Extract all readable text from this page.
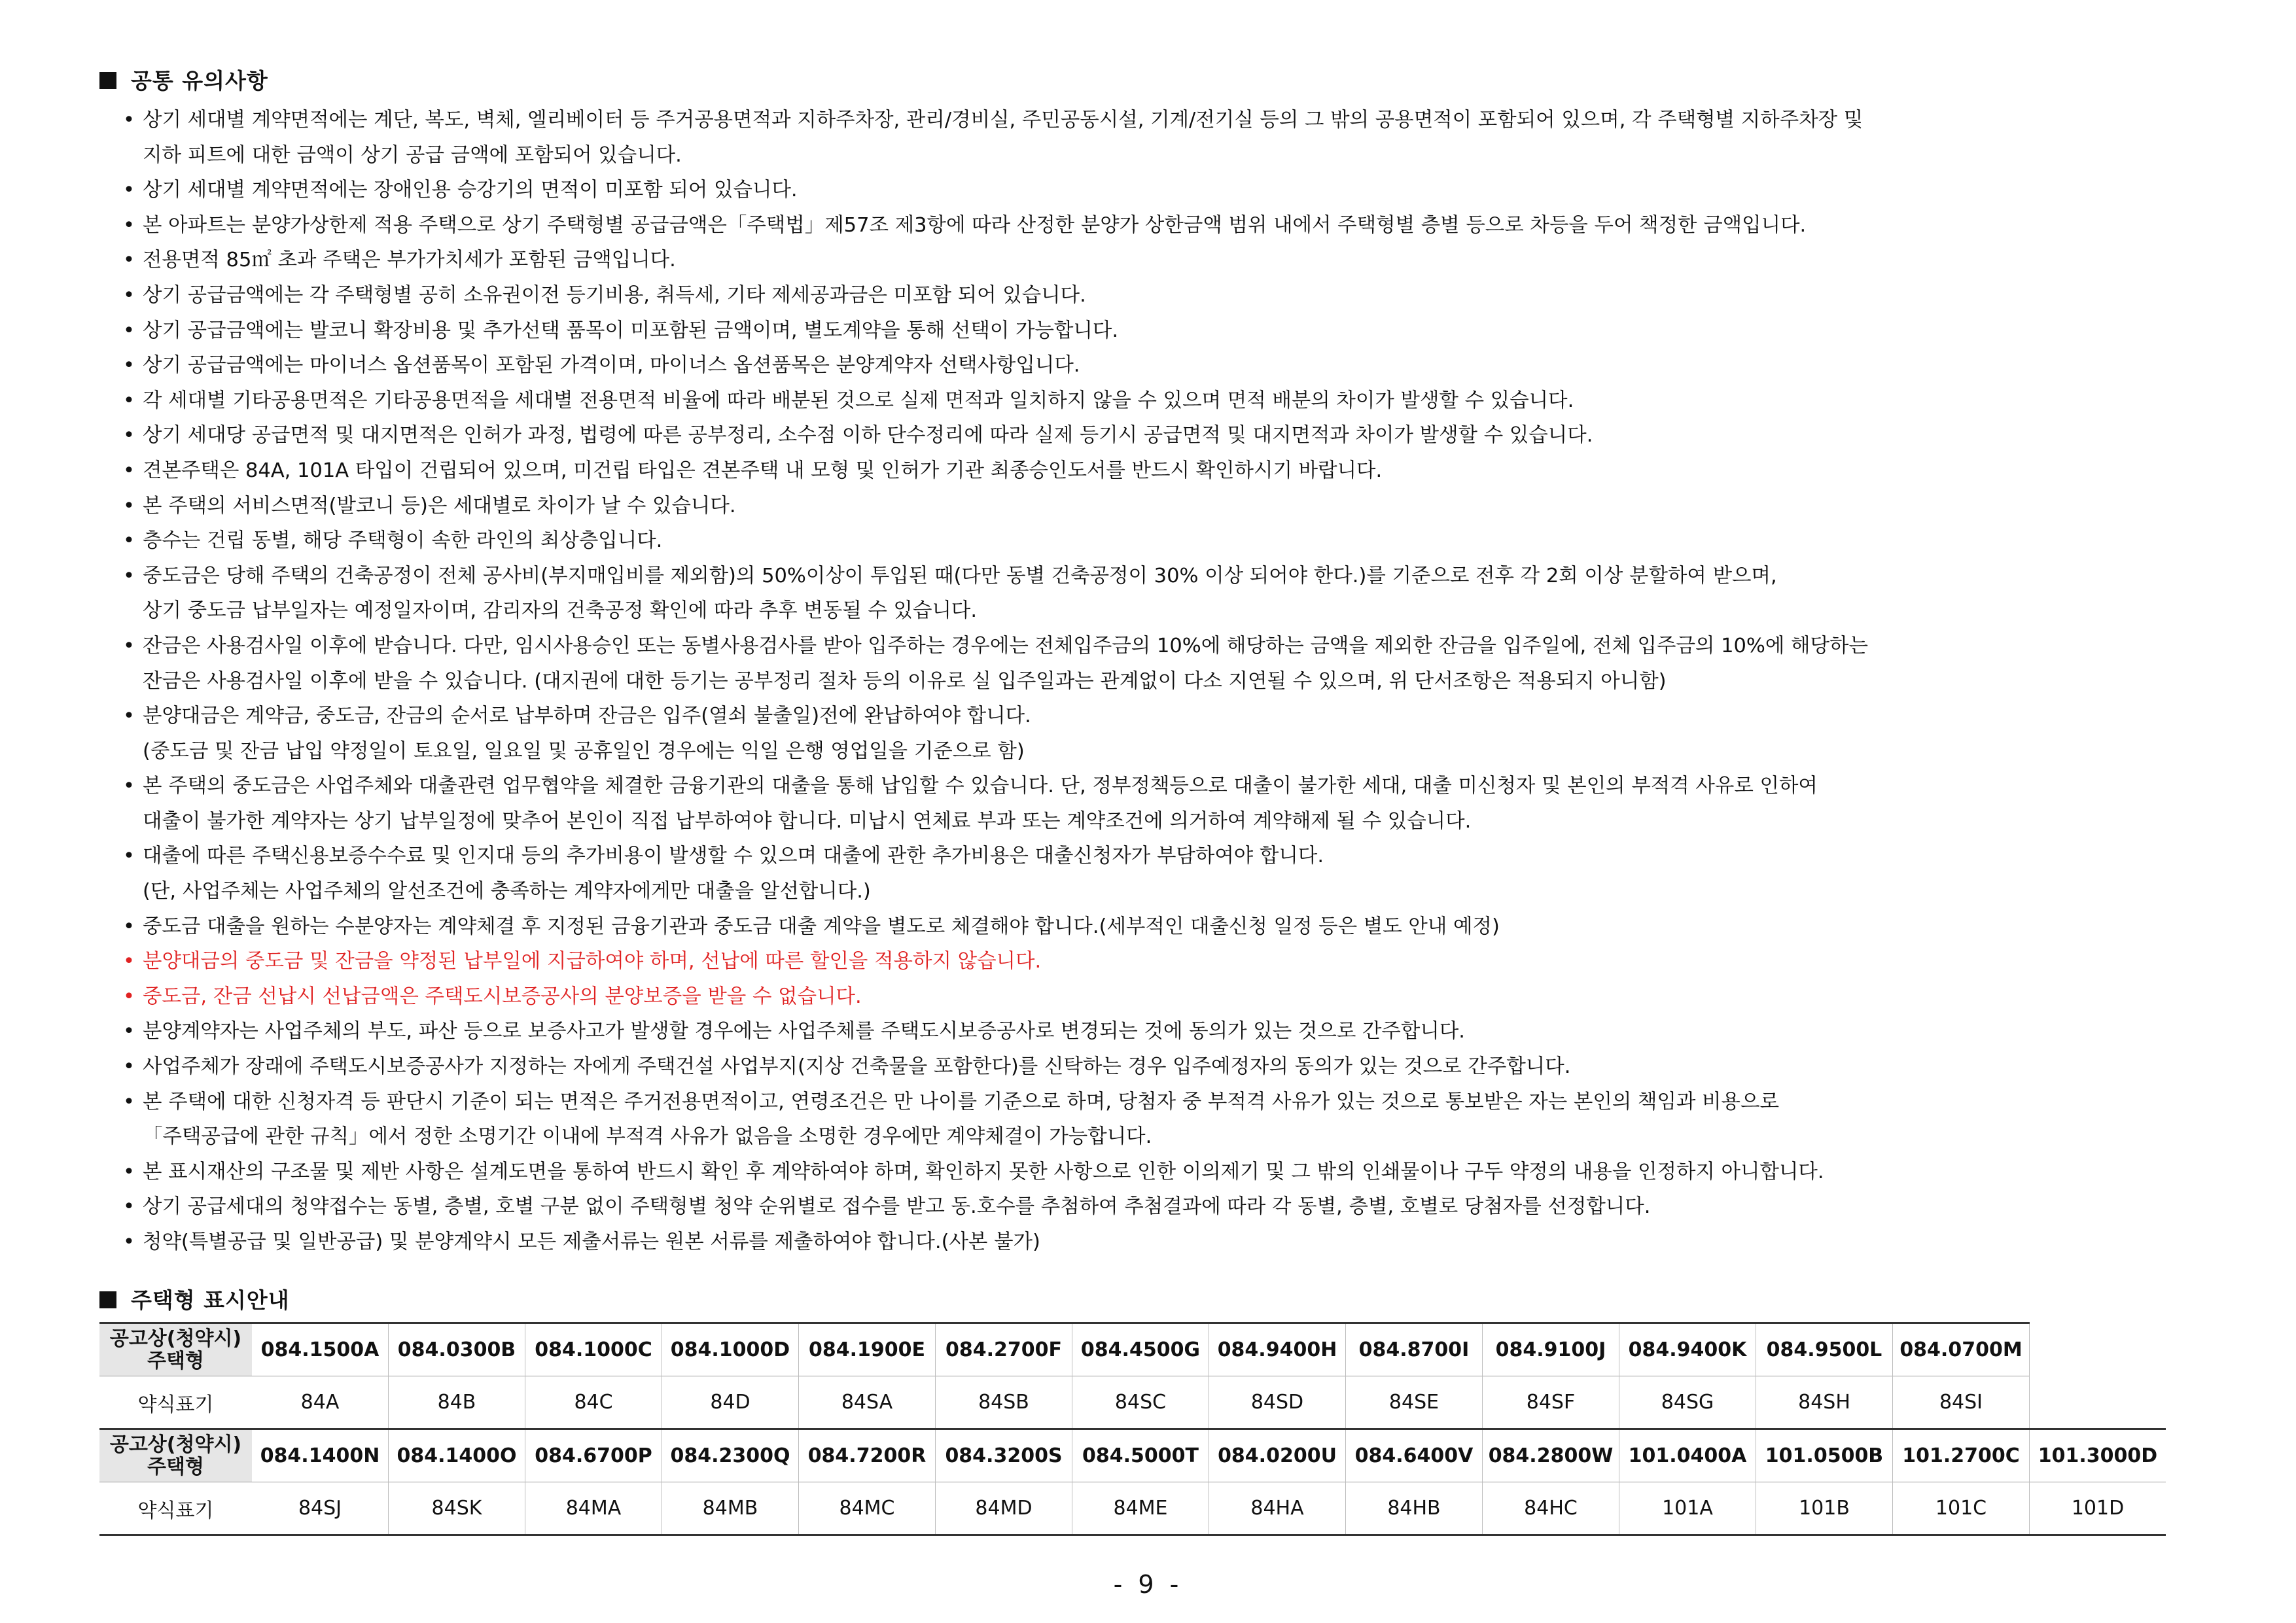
공통 유의사항
• 상기 세대별 계약면적에는 계단, 복도, 벽체, 엘리베이터 등 주거공용면적과 지하주차장, 관리/경비실, 주민공동시설, 기계/전기실 등의 그 밖의 공용면적이 포함되어 있으며, 각 주택형별 지하주차장 및
지하 피트에 대한 금액이 상기 공급 금액에 포함되어 있습니다.
• 상기 세대별 계약면적에는 장애인용 승강기의 면적이 미포함 되어 있습니다.
• 본 아파트는 분양가상한제 적용 주택으로 상기 주택형별 공급금액은「주택법」제57조 제3항에 따라 산정한 분양가 상한금액 범위 내에서 주택형별 층별 등으로 차등을 두어 책정한 금액입니다.
• 전용면적 85㎡ 초과 주택은 부가가치세가 포함된 금액입니다.
• 상기 공급금액에는 각 주택형별 공히 소유권이전 등기비용, 취득세, 기타 제세공과금은 미포함 되어 있습니다.
• 상기 공급금액에는 발코니 확장비용 및 추가선택 품목이 미포함된 금액이며, 별도계약을 통해 선택이 가능합니다.
• 상기 공급금액에는 마이너스 옵션품목이 포함된 가격이며, 마이너스 옵션품목은 분양계약자 선택사항입니다.
• 각 세대별 기타공용면적은 기타공용면적을 세대별 전용면적 비율에 따라 배분된 것으로 실제 면적과 일치하지 않을 수 있으며 면적 배분의 차이가 발생할 수 있습니다.
• 상기 세대당 공급면적 및 대지면적은 인허가 과정, 법령에 따른 공부정리, 소수점 이하 단수정리에 따라 실제 등기시 공급면적 및 대지면적과 차이가 발생할 수 있습니다.
• 견본주택은 84A, 101A 타입이 건립되어 있으며, 미건립 타입은 견본주택 내 모형 및 인허가 기관 최종승인도서를 반드시 확인하시기 바랍니다.
• 본 주택의 서비스면적(발코니 등)은 세대별로 차이가 날 수 있습니다.
• 층수는 건립 동별, 해당 주택형이 속한 라인의 최상층입니다.
• 중도금은 당해 주택의 건축공정이 전체 공사비(부지매입비를 제외함)의 50%이상이 투입된 때(다만 동별 건축공정이 30% 이상 되어야 한다.)를 기준으로 전후 각 2회 이상 분할하여 받으며,
상기 중도금 납부일자는 예정일자이며, 감리자의 건축공정 확인에 따라 추후 변동될 수 있습니다.
• 잔금은 사용검사일 이후에 받습니다. 다만, 임시사용승인 또는 동별사용검사를 받아 입주하는 경우에는 전체입주금의 10%에 해당하는 금액을 제외한 잔금을 입주일에, 전체 입주금의 10%에 해당하는
잔금은 사용검사일 이후에 받을 수 있습니다. (대지권에 대한 등기는 공부정리 절차 등의 이유로 실 입주일과는 관계없이 다소 지연될 수 있으며, 위 단서조항은 적용되지 아니함)
• 분양대금은 계약금, 중도금, 잔금의 순서로 납부하며 잔금은 입주(열쇠 불출일)전에 완납하여야 합니다.
(중도금 및 잔금 납입 약정일이 토요일, 일요일 및 공휴일인 경우에는 익일 은행 영업일을 기준으로 함)
• 본 주택의 중도금은 사업주체와 대출관련 업무협약을 체결한 금융기관의 대출을 통해 납입할 수 있습니다. 단, 정부정책등으로 대출이 불가한 세대, 대출 미신청자 및 본인의 부적격 사유로 인하여
대출이 불가한 계약자는 상기 납부일정에 맞추어 본인이 직접 납부하여야 합니다. 미납시 연체료 부과 또는 계약조건에 의거하여 계약해제 될 수 있습니다.
• 대출에 따른 주택신용보증수수료 및 인지대 등의 추가비용이 발생할 수 있으며 대출에 관한 추가비용은 대출신청자가 부담하여야 합니다.
(단, 사업주체는 사업주체의 알선조건에 충족하는 계약자에게만 대출을 알선합니다.)
• 중도금 대출을 원하는 수분양자는 계약체결 후 지정된 금융기관과 중도금 대출 계약을 별도로 체결해야 합니다.(세부적인 대출신청 일정 등은 별도 안내 예정)
• 분양대금의 중도금 및 잔금을 약정된 납부일에 지급하여야 하며, 선납에 따른 할인을 적용하지 않습니다.
• 중도금, 잔금 선납시 선납금액은 주택도시보증공사의 분양보증을 받을 수 없습니다.
• 분양계약자는 사업주체의 부도, 파산 등으로 보증사고가 발생할 경우에는 사업주체를 주택도시보증공사로 변경되는 것에 동의가 있는 것으로 간주합니다.
• 사업주체가 장래에 주택도시보증공사가 지정하는 자에게 주택건설 사업부지(지상 건축물을 포함한다)를 신탁하는 경우 입주예정자의 동의가 있는 것으로 간주합니다.
• 본 주택에 대한 신청자격 등 판단시 기준이 되는 면적은 주거전용면적이고, 연령조건은 만 나이를 기준으로 하며, 당첨자 중 부적격 사유가 있는 것으로 통보받은 자는 본인의 책임과 비용으로
「주택공급에 관한 규칙」에서 정한 소명기간 이내에 부적격 사유가 없음을 소명한 경우에만 계약체결이 가능합니다.
• 본 표시재산의 구조물 및 제반 사항은 설계도면을 통하여 반드시 확인 후 계약하여야 하며, 확인하지 못한 사항으로 인한 이의제기 및 그 밖의 인쇄물이나 구두 약정의 내용을 인정하지 아니합니다.
• 상기 공급세대의 청약접수는 동별, 층별, 호별 구분 없이 주택형별 청약 순위별로 접수를 받고 동.호수를 추첨하여 추첨결과에 따라 각 동별, 층별, 호별로 당첨자를 선정합니다.
• 청약(특별공급 및 일반공급) 및 분양계약시 모든 제출서류는 원본 서류를 제출하여야 합니다.(사본 불가)
주택형 표시안내
공고상(청약시)
주택형	084.1500A	084.0300B	084.1000C	084.1000D	084.1900E	084.2700F	084.4500G	084.9400H	084.8700I	084.9100J	084.9400K	084.9500L	084.0700M	
약식표기	84A	84B	84C	84D	84SA	84SB	84SC	84SD	84SE	84SF	84SG	84SH	84SI	
공고상(청약시)
주택형	084.1400N	084.1400O	084.6700P	084.2300Q	084.7200R	084.3200S	084.5000T	084.0200U	084.6400V	084.2800W	101.0400A	101.0500B	101.2700C	101.3000D
약식표기	84SJ	84SK	84MA	84MB	84MC	84MD	84ME	84HA	84HB	84HC	101A	101B	101C	101D
- 9 -
